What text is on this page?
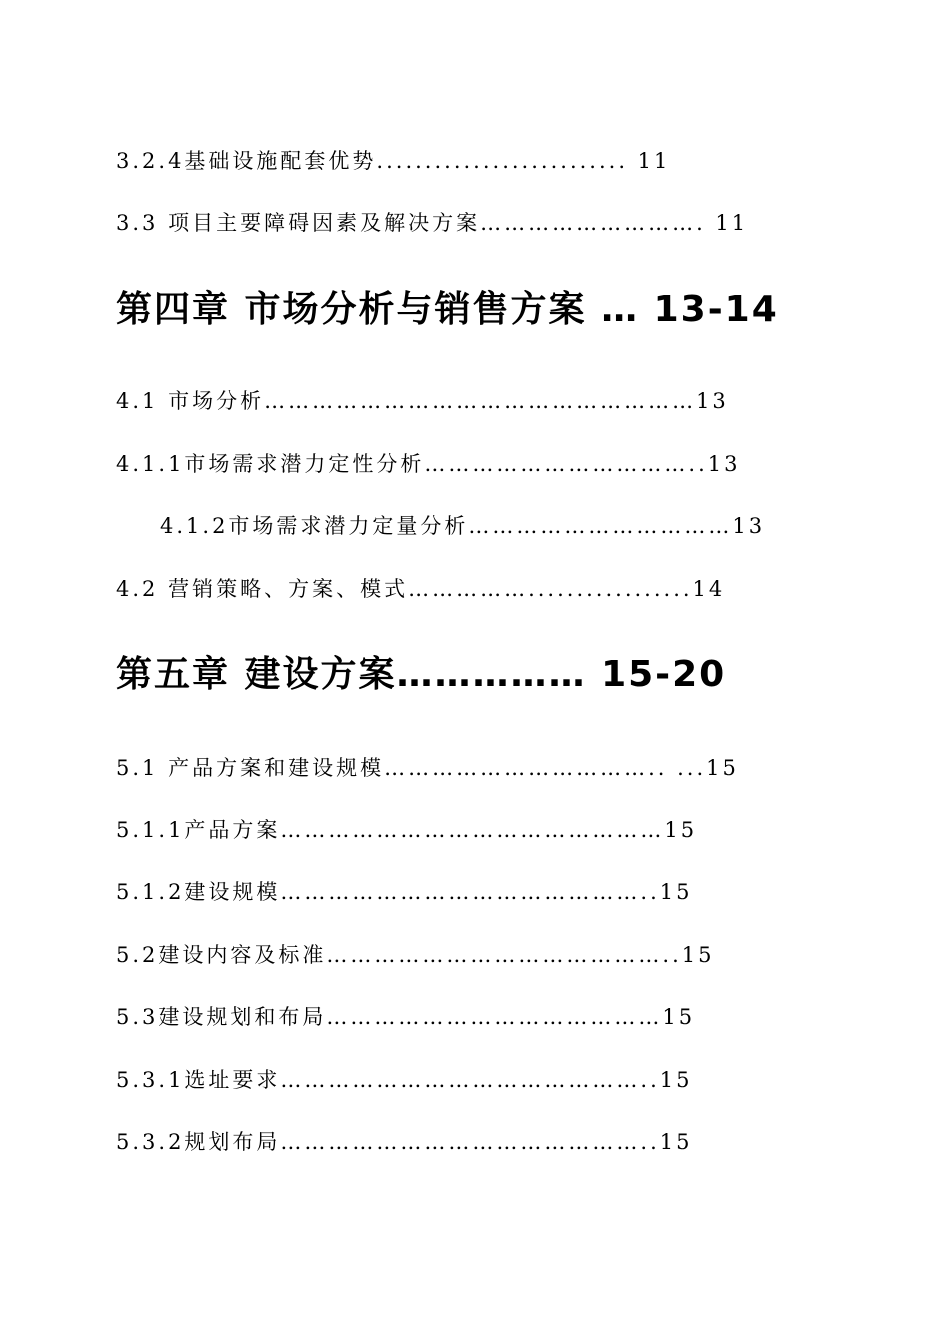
3.2.4基础设施配套优势.......................... 11
3.3 项目主要障碍因素及解决方案………………………. 11
第四章 市场分析与销售方案 … 13-14
4.1 市场分析………………………………………………13
4.1.1市场需求潜力定性分析……………………………..13
4.1.2市场需求潜力定量分析……………………………13
4.2 营销策略、方案、模式…………….................14
第五章 建设方案…………… 15-20
5.1 产品方案和建设规模…………………………….. ...15
5.1.1产品方案…………………………………………15
5.1.2建设规模………………………………………..15
5.2建设内容及标准……………………………………..15
5.3建设规划和布局……………………………………15
5.3.1选址要求………………………………………..15
5.3.2规划布局………………………………………..15
